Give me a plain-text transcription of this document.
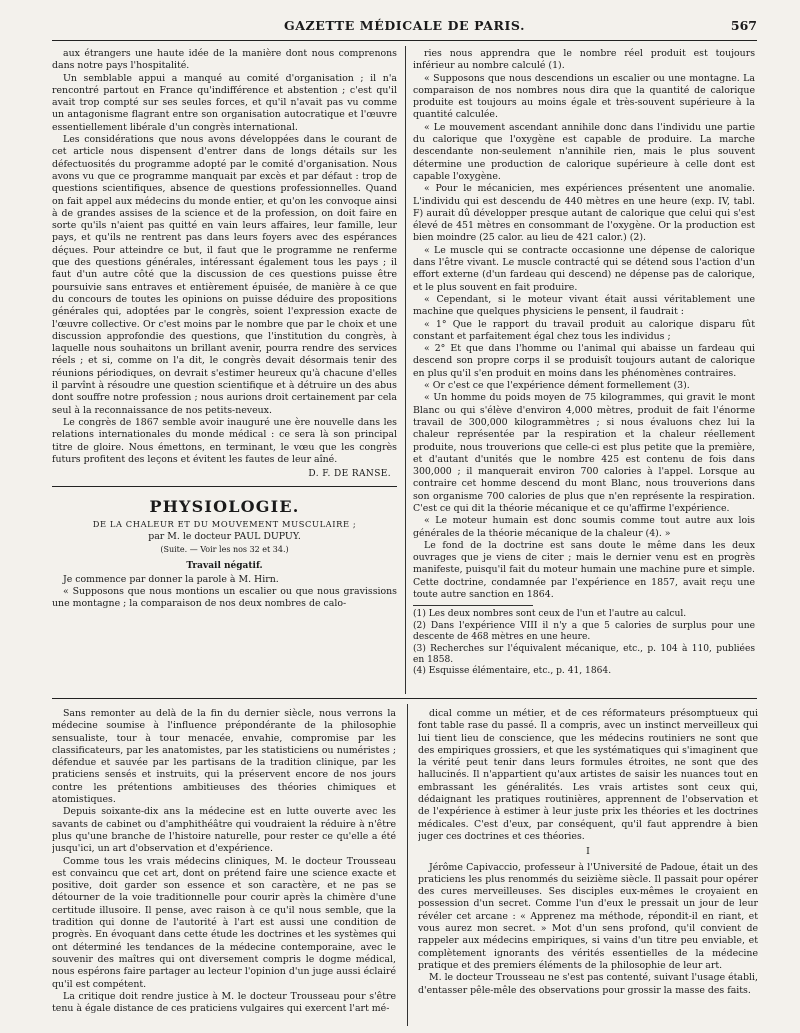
GAZETTE MÉDICALE DE PARIS.	567

aux étrangers une haute idée de la manière dont nous comprenons dans notre pays l'hospitalité.

Un semblable appui a manqué au comité d'organisation ; il n'a rencontré partout en France qu'indifférence et abstention ; c'est qu'il avait trop compté sur ses seules forces, et qu'il n'avait pas vu comme un antagonisme flagrant entre son organisation autocratique et l'œuvre essentiellement libérale d'un congrès international.

Les considérations que nous avons développées dans le courant de cet article nous dispensent d'entrer dans de longs détails sur les défectuosités du programme adopté par le comité d'organisation. Nous avons vu que ce programme manquait par excès et par défaut : trop de questions scientifiques, absence de questions professionnelles. Quand on fait appel aux médecins du monde entier, et qu'on les convoque ainsi à de grandes assises de la science et de la profession, on doit faire en sorte qu'ils n'aient pas quitté en vain leurs affaires, leur famille, leur pays, et qu'ils ne rentrent pas dans leurs foyers avec des espérances déçues. Pour atteindre ce but, il faut que le programme ne renferme que des questions générales, intéressant également tous les pays ; il faut d'un autre côté que la discussion de ces questions puisse être poursuivie sans entraves et entièrement épuisée, de manière à ce que du concours de toutes les opinions on puisse déduire des propositions générales qui, adoptées par le congrès, soient l'expression exacte de l'œuvre collective. Or c'est moins par le nombre que par le choix et une discussion approfondie des questions, que l'institution du congrès, à laquelle nous souhaitons un brillant avenir, pourra rendre des services réels ; et si, comme on l'a dit, le congrès devait désormais tenir des réunions périodiques, on devrait s'estimer heureux qu'à chacune d'elles il parvînt à résoudre une question scientifique et à détruire un des abus dont souffre notre profession ; nous aurions droit certainement par cela seul à la reconnaissance de nos petits-neveux.

Le congrès de 1867 semble avoir inauguré une ère nouvelle dans les relations internationales du monde médical : ce sera là son principal titre de gloire. Nous émettons, en terminant, le vœu que les congrès futurs profitent des leçons et évitent les fautes de leur aîné.

D. F. DE RANSE.
PHYSIOLOGIE.
DE LA CHALEUR ET DU MOUVEMENT MUSCULAIRE ;
par M. le docteur PAUL DUPUY.
(Suite. — Voir les nos 32 et 34.)
Travail négatif.

Je commence par donner la parole à M. Hirn.

« Supposons que nous montions un escalier ou que nous gravissions une montagne ; la comparaison de nos deux nombres de calo-

ries nous apprendra que le nombre réel produit est toujours inférieur au nombre calculé (1).

« Supposons que nous descendions un escalier ou une montagne. La comparaison de nos nombres nous dira que la quantité de calorique produite est toujours au moins égale et très-souvent supérieure à la quantité calculée.

« Le mouvement ascendant annihile donc dans l'individu une partie du calorique que l'oxygène est capable de produire. La marche descendante non-seulement n'annihile rien, mais le plus souvent détermine une production de calorique supérieure à celle dont est capable l'oxygène.

« Pour le mécanicien, mes expériences présentent une anomalie. L'individu qui est descendu de 440 mètres en une heure (exp. IV, tabl. F) aurait dû développer presque autant de calorique que celui qui s'est élevé de 451 mètres en consommant de l'oxygène. Or la production est bien moindre (25 calor. au lieu de 421 calor.) (2).

« Le muscle qui se contracte occasionne une dépense de calorique dans l'être vivant. Le muscle contracté qui se détend sous l'action d'un effort externe (d'un fardeau qui descend) ne dépense pas de calorique, et le plus souvent en fait produire.

« Cependant, si le moteur vivant était aussi véritablement une machine que quelques physiciens le pensent, il faudrait :

« 1° Que le rapport du travail produit au calorique disparu fût constant et parfaitement égal chez tous les individus ;

« 2° Et que dans l'homme ou l'animal qui abaisse un fardeau qui descend son propre corps il se produisît toujours autant de calorique en plus qu'il s'en produit en moins dans les phénomènes contraires.

« Or c'est ce que l'expérience dément formellement (3).

« Un homme du poids moyen de 75 kilogrammes, qui gravit le mont Blanc ou qui s'élève d'environ 4,000 mètres, produit de fait l'énorme travail de 300,000 kilogrammètres ; si nous évaluons chez lui la chaleur représentée par la respiration et la chaleur réellement produite, nous trouverions que celle-ci est plus petite que la première, et d'autant d'unités que le nombre 425 est contenu de fois dans 300,000 ; il manquerait environ 700 calories à l'appel. Lorsque au contraire cet homme descend du mont Blanc, nous trouverions dans son organisme 700 calories de plus que n'en représente la respiration. C'est ce qui dit la théorie mécanique et ce qu'affirme l'expérience.

« Le moteur humain est donc soumis comme tout autre aux lois générales de la théorie mécanique de la chaleur (4). »

Le fond de la doctrine est sans doute le même dans les deux ouvrages que je viens de citer ; mais le dernier venu est en progrès manifeste, puisqu'il fait du moteur humain une machine pure et simple. Cette doctrine, condamnée par l'expérience en 1857, avait reçu une toute autre sanction en 1864.

(1) Les deux nombres sont ceux de l'un et l'autre au calcul.

(2) Dans l'expérience VIII il n'y a que 5 calories de surplus pour une descente de 468 mètres en une heure.

(3) Recherches sur l'équivalent mécanique, etc., p. 104 à 110, publiées en 1858.

(4) Esquisse élémentaire, etc., p. 41, 1864.

Sans remonter au delà de la fin du dernier siècle, nous verrons la médecine soumise à l'influence prépondérante de la philosophie sensualiste, tour à tour menacée, envahie, compromise par les classificateurs, par les anatomistes, par les statisticiens ou numéristes ; défendue et sauvée par les partisans de la tradition clinique, par les praticiens sensés et instruits, qui la préservent encore de nos jours contre les prétentions ambitieuses des théories chimiques et atomistiques.

Depuis soixante-dix ans la médecine est en lutte ouverte avec les savants de cabinet ou d'amphithéâtre qui voudraient la réduire à n'être plus qu'une branche de l'histoire naturelle, pour rester ce qu'elle a été jusqu'ici, un art d'observation et d'expérience.

Comme tous les vrais médecins cliniques, M. le docteur Trousseau est convaincu que cet art, dont on prétend faire une science exacte et positive, doit garder son essence et son caractère, et ne pas se détourner de la voie traditionnelle pour courir après la chimère d'une certitude illusoire. Il pense, avec raison à ce qu'il nous semble, que la tradition qui donne de l'autorité à l'art est aussi une condition de progrès. En évoquant dans cette étude les doctrines et les systèmes qui ont déterminé les tendances de la médecine contemporaine, avec le souvenir des maîtres qui ont diversement compris le dogme médical, nous espérons faire partager au lecteur l'opinion d'un juge aussi éclairé qu'il est compétent.

La critique doit rendre justice à M. le docteur Trousseau pour s'être tenu à égale distance de ces praticiens vulgaires qui exercent l'art mé-

dical comme un métier, et de ces réformateurs présomptueux qui font table rase du passé. Il a compris, avec un instinct merveilleux qui lui tient lieu de conscience, que les médecins routiniers ne sont que des empiriques grossiers, et que les systématiques qui s'imaginent que la vérité peut tenir dans leurs formules étroites, ne sont que des hallucinés. Il n'appartient qu'aux artistes de saisir les nuances tout en embrassant les généralités. Les vrais artistes sont ceux qui, dédaignant les pratiques routinières, apprennent de l'observation et de l'expérience à estimer à leur juste prix les théories et les doctrines médicales. C'est d'eux, par conséquent, qu'il faut apprendre à bien juger ces doctrines et ces théories.

I

Jérôme Capivaccio, professeur à l'Université de Padoue, était un des praticiens les plus renommés du seizième siècle. Il passait pour opérer des cures merveilleuses. Ses disciples eux-mêmes le croyaient en possession d'un secret. Comme l'un d'eux le pressait un jour de leur révéler cet arcane : « Apprenez ma méthode, répondit-il en riant, et vous aurez mon secret. » Mot d'un sens profond, qu'il convient de rappeler aux médecins empiriques, si vains d'un titre peu enviable, et complètement ignorants des vérités essentielles de la médecine pratique et des premiers éléments de la philosophie de leur art.

M. le docteur Trousseau ne s'est pas contenté, suivant l'usage établi, d'entasser pêle-mêle des observations pour grossir la masse des faits.
